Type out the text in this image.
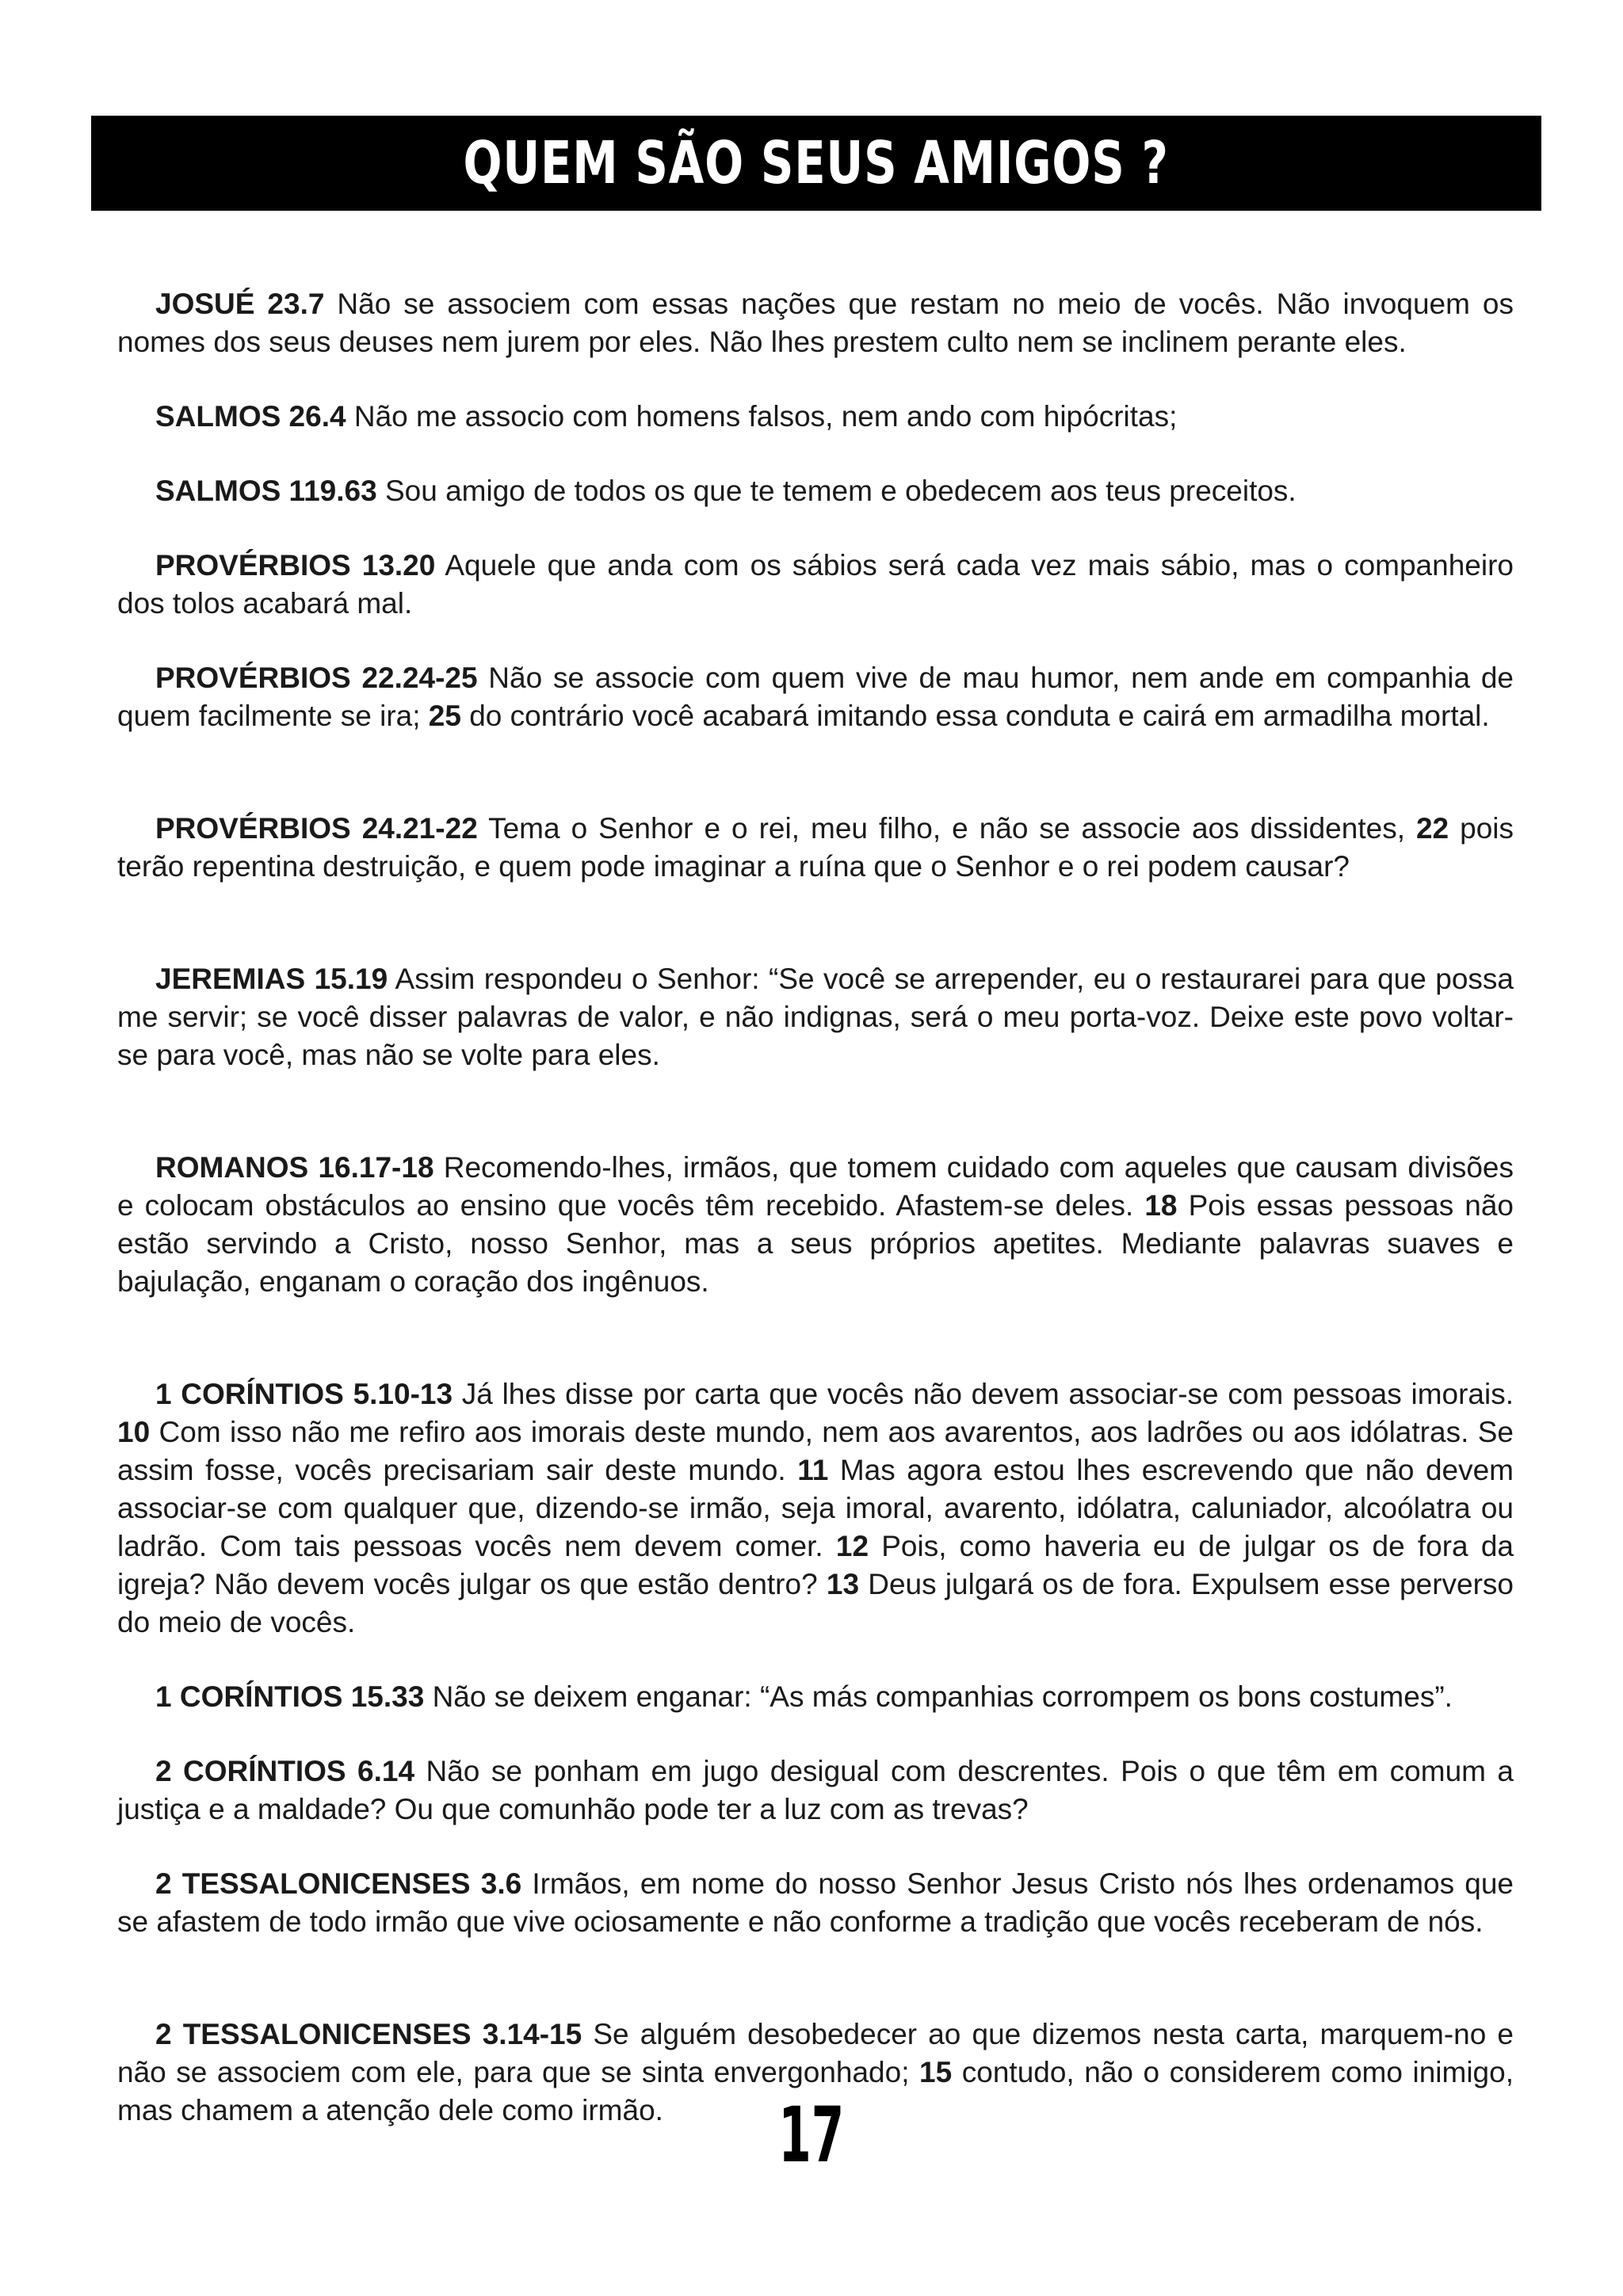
QUEM SÃO SEUS AMIGOS ?

JOSUÉ 23.7 Não se associem com essas nações que restam no meio de vocês. Não invoquem os nomes dos seus deuses nem jurem por eles. Não lhes prestem culto nem se inclinem perante eles.

SALMOS 26.4 Não me associo com homens falsos, nem ando com hipócritas;

SALMOS 119.63 Sou amigo de todos os que te temem e obedecem aos teus preceitos.

PROVÉRBIOS 13.20 Aquele que anda com os sábios será cada vez mais sábio, mas o companheiro dos tolos acabará mal.

PROVÉRBIOS 22.24-25 Não se associe com quem vive de mau humor, nem ande em companhia de quem facilmente se ira; 25 do contrário você acabará imitando essa conduta e cairá em armadilha mortal.

PROVÉRBIOS 24.21-22 Tema o Senhor e o rei, meu filho, e não se associe aos dissidentes, 22 pois terão repentina destruição, e quem pode imaginar a ruína que o Senhor e o rei podem causar?

JEREMIAS 15.19 Assim respondeu o Senhor: “Se você se arrepender, eu o restaurarei para que possa me servir; se você disser palavras de valor, e não indignas, será o meu porta-voz. Deixe este povo voltar-se para você, mas não se volte para eles.

ROMANOS 16.17-18 Recomendo-lhes, irmãos, que tomem cuidado com aqueles que causam divisões e colocam obstáculos ao ensino que vocês têm recebido. Afastem-se deles. 18 Pois essas pessoas não estão servindo a Cristo, nosso Senhor, mas a seus próprios apetites. Mediante palavras suaves e bajulação, enganam o coração dos ingênuos.

1 CORÍNTIOS 5.10-13 Já lhes disse por carta que vocês não devem associar-se com pessoas imorais. 10 Com isso não me refiro aos imorais deste mundo, nem aos avarentos, aos ladrões ou aos idólatras. Se assim fosse, vocês precisariam sair deste mundo. 11 Mas agora estou lhes escrevendo que não devem associar-se com qualquer que, dizendo-se irmão, seja imoral, avarento, idólatra, caluniador, alcoólatra ou ladrão. Com tais pessoas vocês nem devem comer. 12 Pois, como haveria eu de julgar os de fora da igreja? Não devem vocês julgar os que estão dentro? 13 Deus julgará os de fora. Expulsem esse perverso do meio de vocês.

1 CORÍNTIOS 15.33 Não se deixem enganar: “As más companhias corrompem os bons costumes”.

2 CORÍNTIOS 6.14 Não se ponham em jugo desigual com descrentes. Pois o que têm em comum a justiça e a maldade? Ou que comunhão pode ter a luz com as trevas?

2 TESSALONICENSES 3.6 Irmãos, em nome do nosso Senhor Jesus Cristo nós lhes ordenamos que se afastem de todo irmão que vive ociosamente e não conforme a tradição que vocês receberam de nós.

2 TESSALONICENSES 3.14-15 Se alguém desobedecer ao que dizemos nesta carta, marquem-no e não se associem com ele, para que se sinta envergonhado; 15 contudo, não o considerem como inimigo, mas chamem a atenção dele como irmão.	17
